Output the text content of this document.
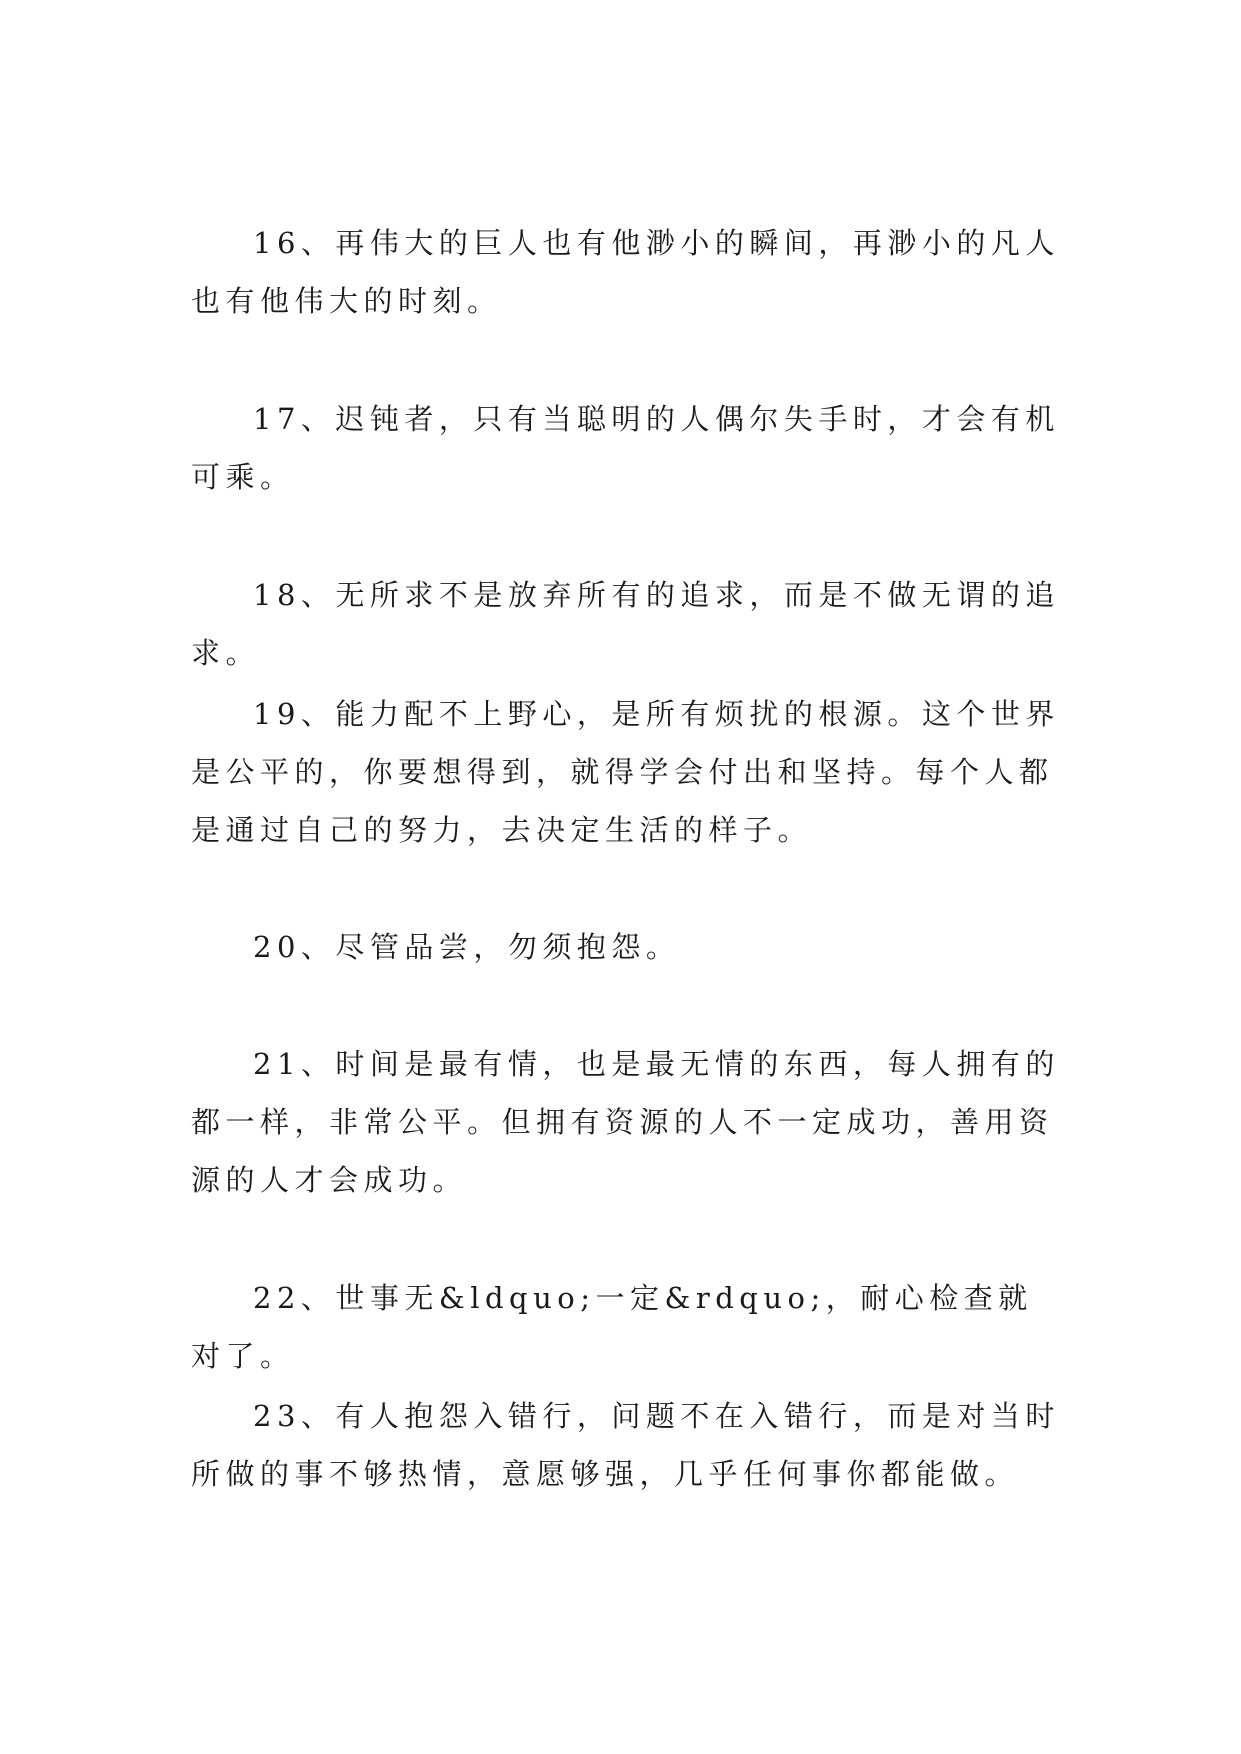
16、再伟大的巨人也有他渺小的瞬间，再渺小的凡人也有他伟大的时刻。

17、迟钝者，只有当聪明的人偶尔失手时，才会有机可乘。

18、无所求不是放弃所有的追求，而是不做无谓的追求。

19、能力配不上野心，是所有烦扰的根源。这个世界是公平的，你要想得到，就得学会付出和坚持。每个人都是通过自己的努力，去决定生活的样子。

20、尽管品尝，勿须抱怨。

21、时间是最有情，也是最无情的东西，每人拥有的都一样，非常公平。但拥有资源的人不一定成功，善用资源的人才会成功。

22、世事无&ldquo;一定&rdquo;，耐心检查就对了。

23、有人抱怨入错行，问题不在入错行，而是对当时所做的事不够热情，意愿够强，几乎任何事你都能做。
